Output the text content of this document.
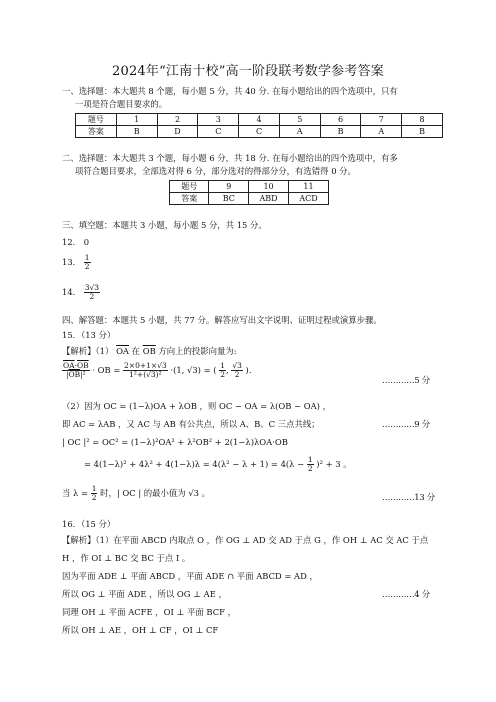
2024年“江南十校”高一阶段联考数学参考答案
一、选择题：本大题共 8 个题，每小题 5 分，共 40 分. 在每小题给出的四个选项中，只有
一项是符合题目要求的。
题号	1	2	3	4	5	6	7	8
答案	B	D	C	C	A	B	A	B
二、选择题：本大题共 3 个题，每小题 6 分，共 18 分. 在每小题给出的四个选项中，有多
项符合题目要求，全部选对得 6 分，部分选对的得部分分，有选错得 0 分。
题号	9	10	11
答案	BC	ABD	ACD
三、填空题：本题共 3 小题，每小题 5 分，共 15 分。
12． 0
13． $\frac{1}{2}$
14． $\frac{3√3}{2}$
四、解答题：本题共 5 小题，共 77 分。解答应写出文字说明、证明过程或演算步骤。
15．（13 分）
【解析】（1） $\overline{OA}$ 在 $\overline{OB}$ 方向上的投影向量为:
$\frac{\overline{OA}\cdot\overline{OB}}{|\overline{OB}|^2}$ · OB = $\frac{2\times 0+1\times√3}{\text{1²+(√3)²}} \cdot(1$, √3) = ( $\frac{1}{2}$ , $\frac{√3}{2}$ ).
…………5 分
（2）因为 OC = (1−λ)OA + λOB ，则 OC − OA = λ(OB − OA) ，
即 AC = λAB ，又 AC 与 AB 有公共点，所以 A、B、C 三点共线；	…………9 分
| OC |² = OC² = (1−λ)²OA² + λ²OB² + 2(1−λ)λOA·OB
= $4(1-\lambda)^2 + 4\lambda^2 + 4(1-\lambda)\lambda = 4(\lambda^2 - \lambda + 1) = 4(\lambda - \frac{1}{2} )^2 + 3$ 。
当 $\lambda = \frac{1}{2}$ 时，| OC | 的最小值为 √3 。	…………13 分
16．（15 分）
【解析】（1）在平面 ABCD 内取点 O ，作 OG ⊥ AD 交 AD 于点 G ，作 OH ⊥ AC 交 AC 于点
H ，作 OI ⊥ BC 交 BC 于点 I 。
因为平面 ADE ⊥ 平面 ABCD ，平面 ADE ∩ 平面 ABCD = AD ，
所以 OG ⊥ 平面 ADE ，所以 OG ⊥ AE ，	…………4 分
同理 OH ⊥ 平面 ACFE ，OI ⊥ 平面 BCF ，
所以 OH ⊥ AE ，OH ⊥ CF ，OI ⊥ CF
